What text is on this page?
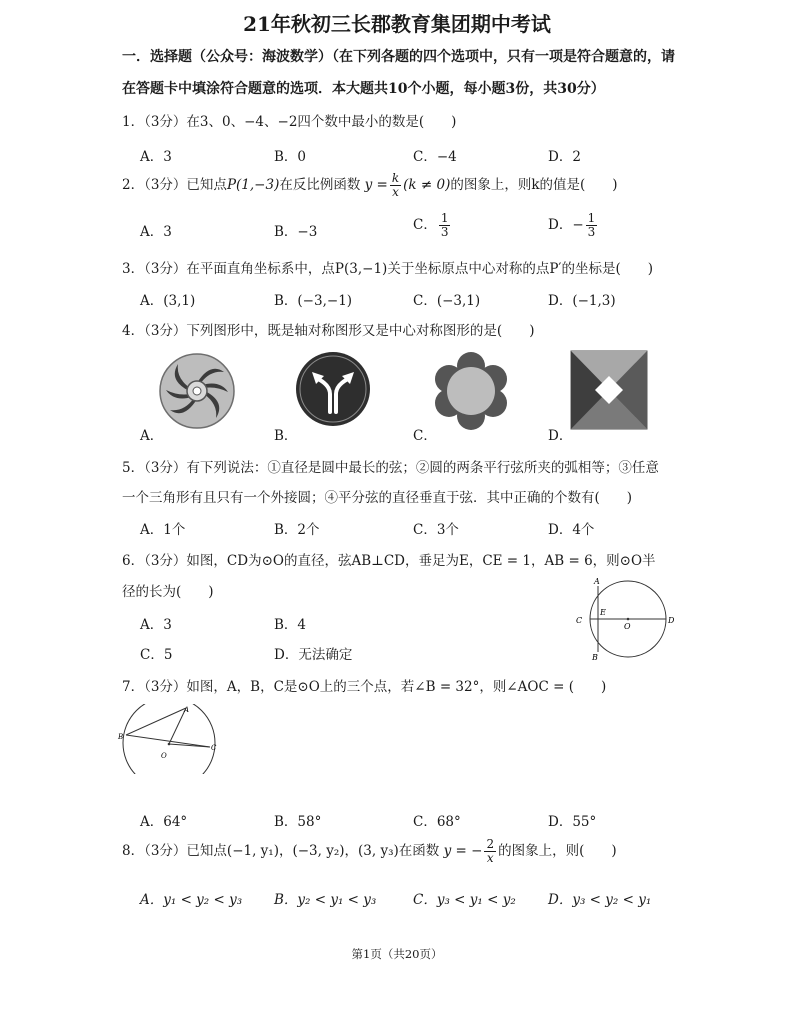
21年秋初三长郡教育集团期中考试
一．选择题（公众号：海波数学）（在下列各题的四个选项中，只有一项是符合题意的，请
在答题卡中填涂符合题意的选项．本大题共10个小题，每小题3份，共30分）
1．（3分）在3、0、−4、−2四个数中最小的数是(　　)
A．3	B．0	C．−4	D．2
2．（3分）已知点P(1,−3)在反比例函数 $y = \frac{k}{x} (k \ne 0)$的图象上，则k的值是(　　)
A．3	B．−3	C． $\frac{1}{3}$	D．− $\frac{1}{3}$
3．（3分）在平面直角坐标系中，点P(3,−1)关于坐标原点中心对称的点P′的坐标是(　　)
A．(3,1)	B．(−3,−1)	C．(−3,1)	D．(−1,3)
4．（3分）下列图形中，既是轴对称图形又是中心对称图形的是(　　)
A．	B．	C．	D．
5．（3分）有下列说法：①直径是圆中最长的弦；②圆的两条平行弦所夹的弧相等；③任意
一个三角形有且只有一个外接圆；④平分弦的直径垂直于弦．其中正确的个数有(　　)
A．1个	B．2个	C．3个	D．4个
6．（3分）如图，CD为⊙O的直径，弦AB⊥CD，垂足为E，CE = 1，AB = 6，则⊙O半
径的长为(　　)
A．3	B．4
C．5	D．无法确定
A
E
C
O
D
B
7．（3分）如图，A，B，C是⊙O上的三个点，若∠B = 32°，则∠AOC = (　　)
A
B
C
O
A．64°	B．58°	C．68°	D．55°
8．（3分）已知点(−1, y₁)，(−3, y₂)，(3, y₃)在函数 y = − $\frac{2}{x}$ 的图象上，则(　　)
A．y₁ < y₂ < y₃ B．y₂ < y₁ < y₃	C．y₃ < y₁ < y₂ D．y₃ < y₂ < y₁
第1页（共20页）
